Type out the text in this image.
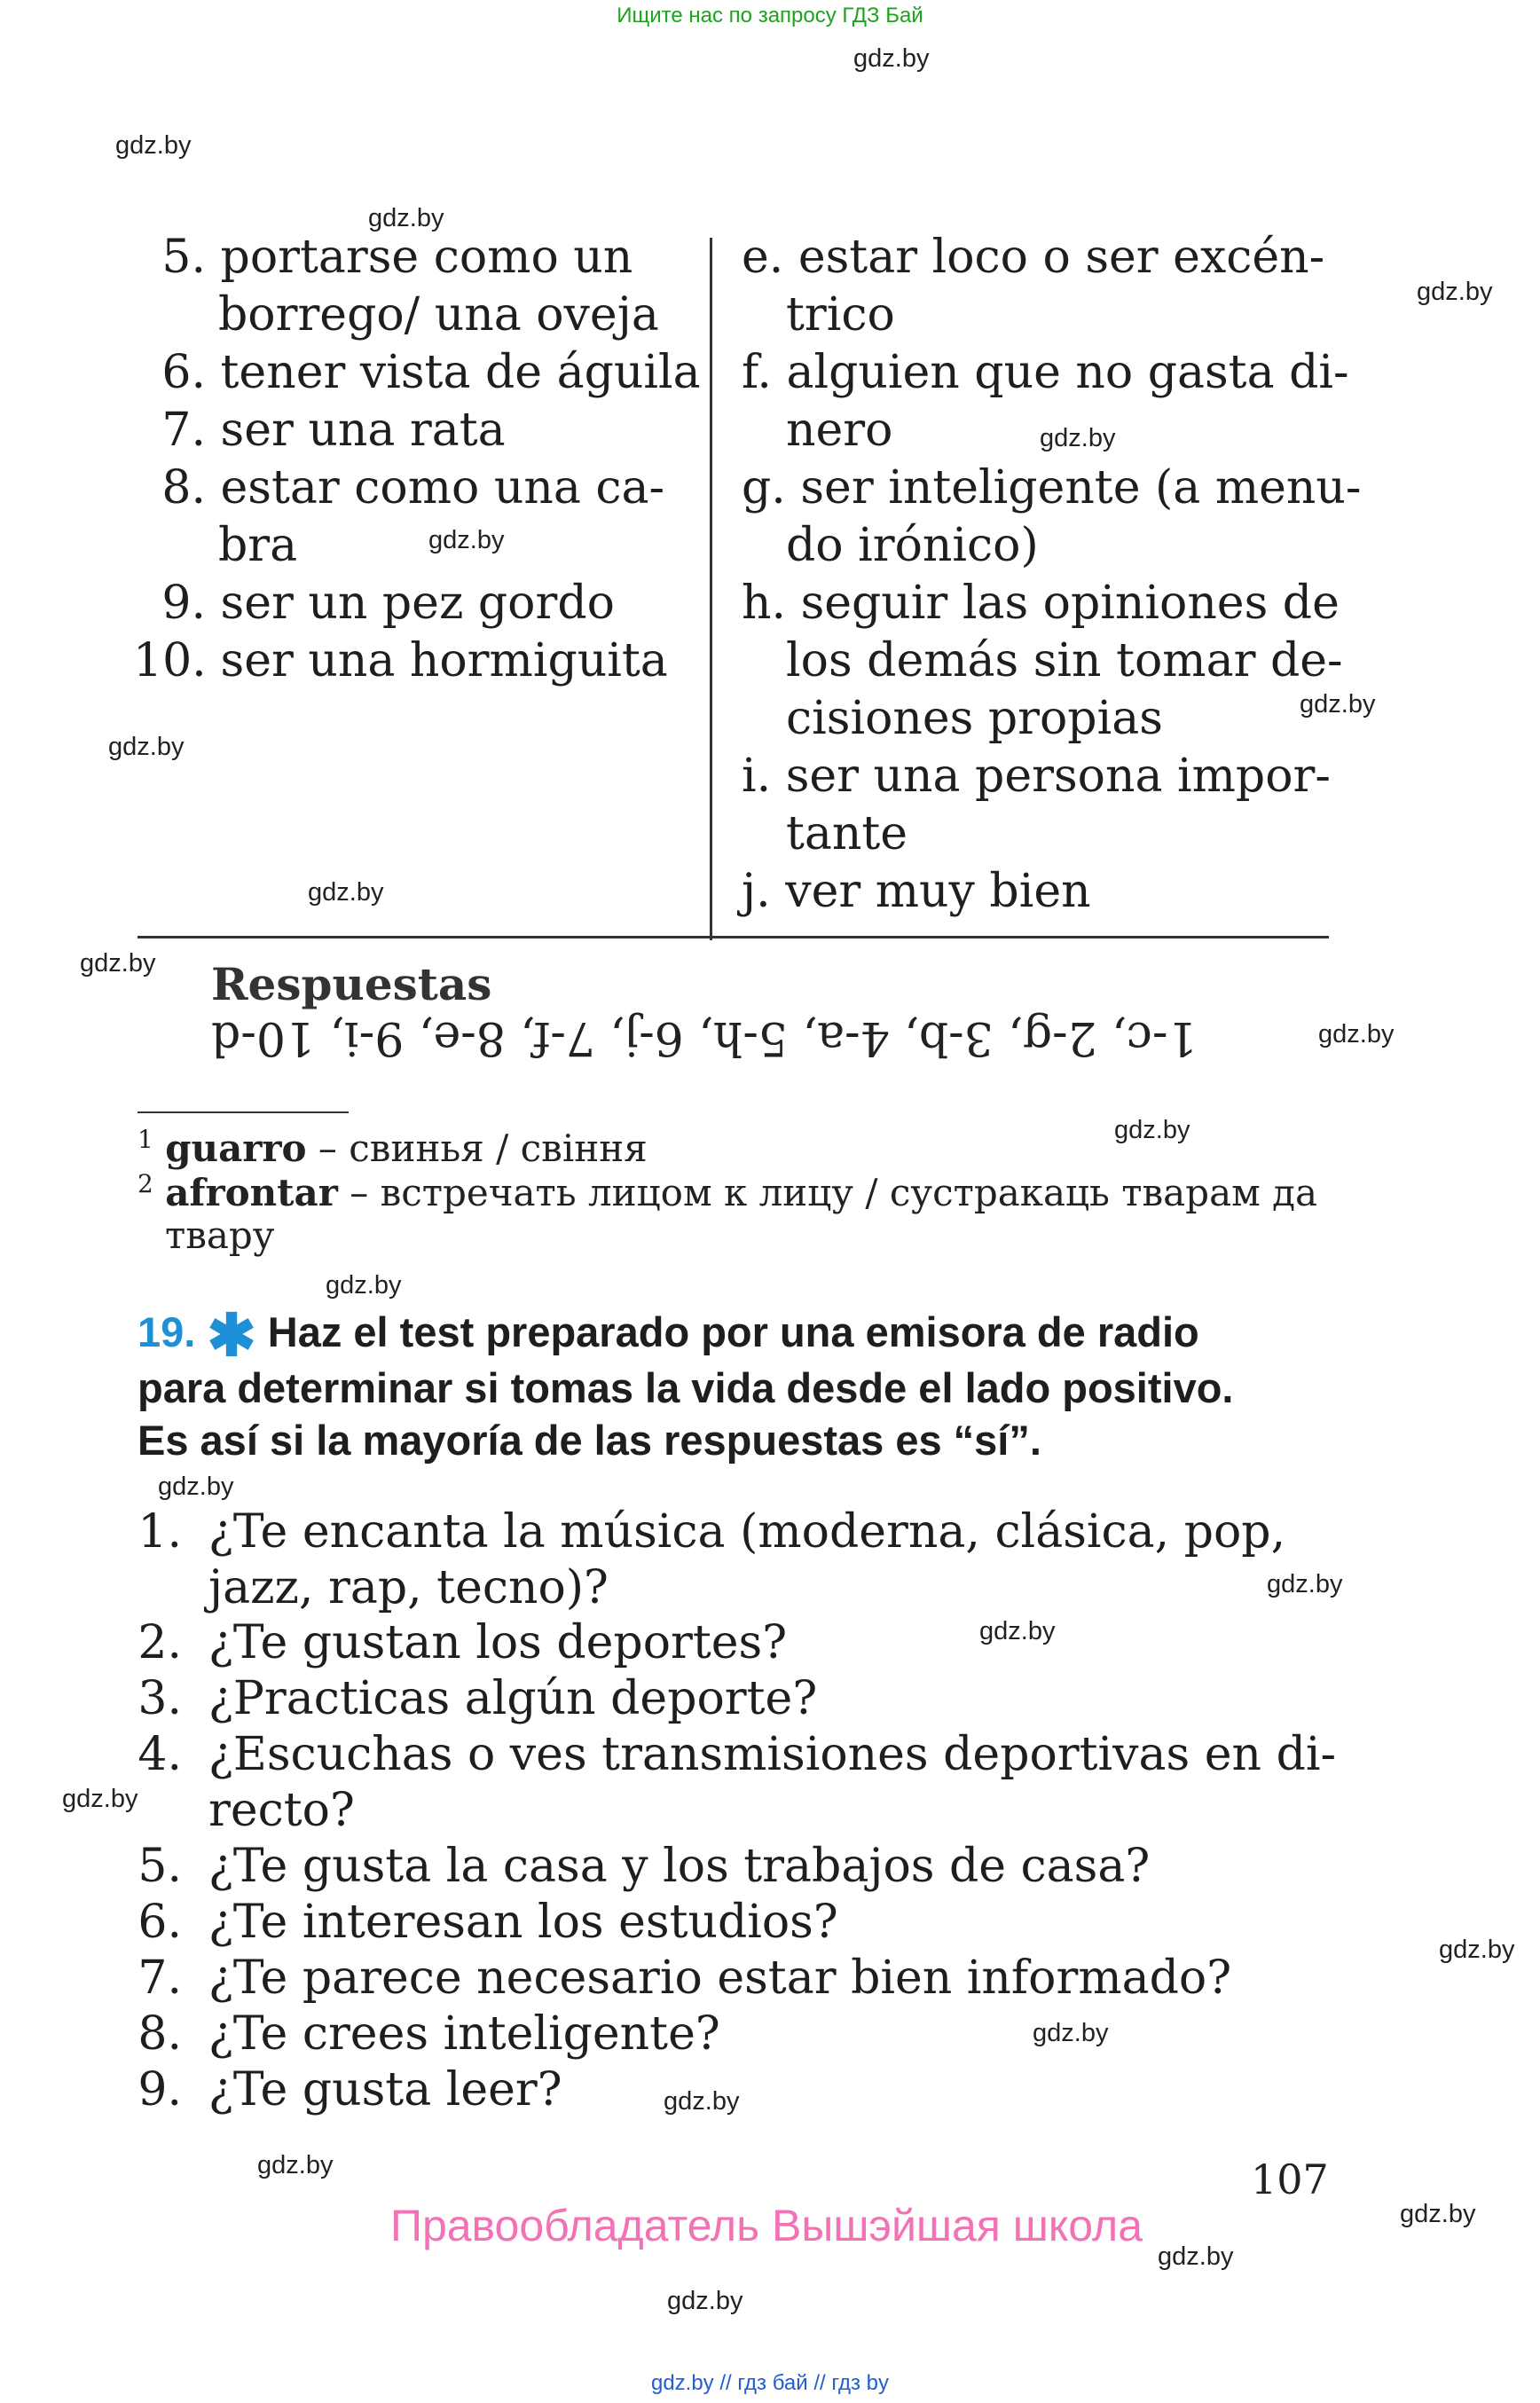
Ищите нас по запросу ГДЗ Бай
gdz.by
gdz.by
gdz.by
gdz.by
gdz.by
gdz.by
gdz.by
gdz.by
gdz.by
gdz.by
gdz.by
gdz.by
gdz.by
gdz.by
gdz.by
gdz.by
gdz.by
gdz.by
gdz.by
gdz.by
gdz.by
gdz.by
gdz.by
gdz.by
5. portarse como un
borrego/ una oveja
6. tener vista de águila
7. ser una rata
8. estar como una ca-
bra
9. ser un pez gordo
10. ser una hormiguita
e. estar loco o ser excén-
trico
f. alguien que no gasta di-
nero
g. ser inteligente (a menu-
do irónico)
h. seguir las opiniones de
los demás sin tomar de-
cisiones propias
i. ser una persona impor-
tante
j. ver muy bien
Respuestas
1-c, 2-g, 3-b, 4-a, 5-h, 6-j, 7-f, 8-e, 9-i, 10-d
$^1$ guarro – свинья / свіння
$^2$ afrontar – встречать лицом к лицу / сустракаць тварам да
твару
19. ✱ Haz el test preparado por una emisora de radio
para determinar si tomas la vida desde el lado positivo.
Es así si la mayoría de las respuestas es “sí”.
1. ¿Te encanta la música (moderna, clásica, pop,
jazz, rap, tecno)?
2. ¿Te gustan los deportes?
3. ¿Practicas algún deporte?
4. ¿Escuchas o ves transmisiones deportivas en di-
recto?
5. ¿Te gusta la casa y los trabajos de casa?
6. ¿Te interesan los estudios?
7. ¿Te parece necesario estar bien informado?
8. ¿Te crees inteligente?
9. ¿Te gusta leer?
107
Правообладатель Вышэйшая школа
gdz.by // гдз бай // гдз by
